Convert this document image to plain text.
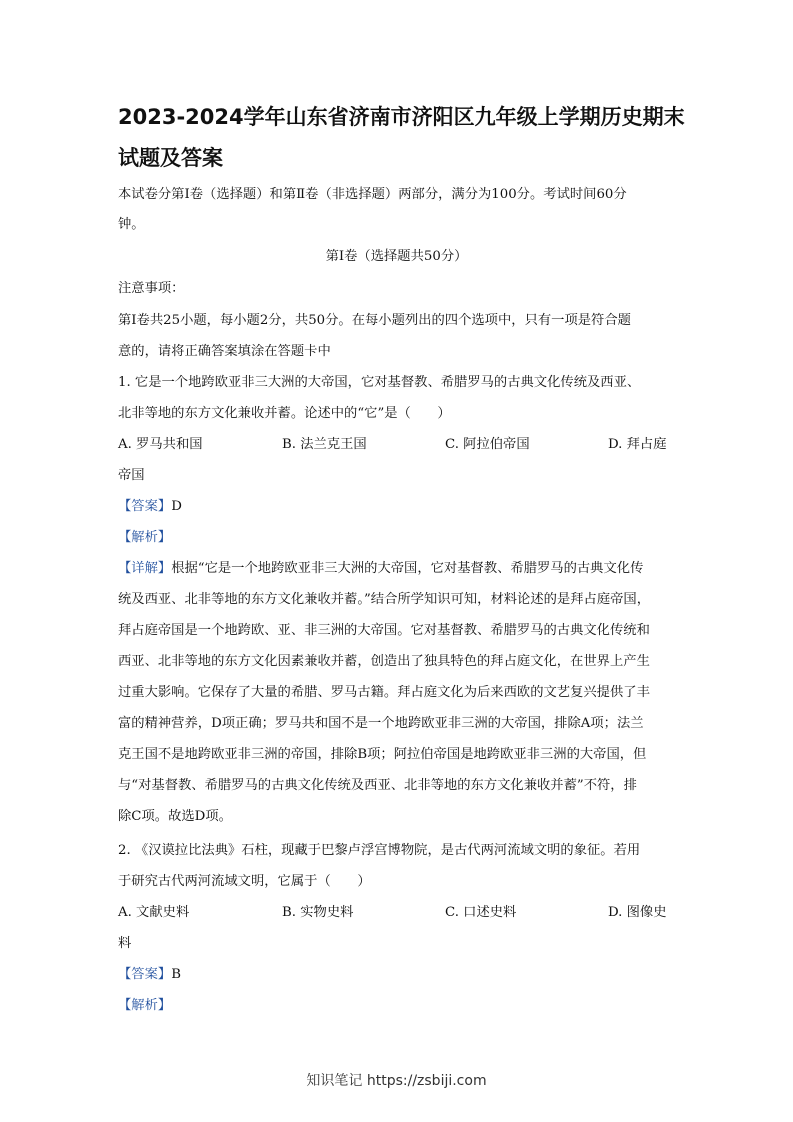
2023-2024学年山东省济南市济阳区九年级上学期历史期末
试题及答案
本试卷分第Ⅰ卷（选择题）和第Ⅱ卷（非选择题）两部分，满分为100分。考试时间60分
钟。
第Ⅰ卷（选择题共50分）
注意事项：
第Ⅰ卷共25小题，每小题2分，共50分。在每小题列出的四个选项中，只有一项是符合题
意的，请将正确答案填涂在答题卡中
1. 它是一个地跨欧亚非三大洲的大帝国，它对基督教、希腊罗马的古典文化传统及西亚、
北非等地的东方文化兼收并蓄。论述中的“它”是（　　）
A. 罗马共和国	B. 法兰克王国	C. 阿拉伯帝国	D. 拜占庭
帝国
【答案】D
【解析】
【详解】根据“它是一个地跨欧亚非三大洲的大帝国，它对基督教、希腊罗马的古典文化传
统及西亚、北非等地的东方文化兼收并蓄。”结合所学知识可知，材料论述的是拜占庭帝国，
拜占庭帝国是一个地跨欧、亚、非三洲的大帝国。它对基督教、希腊罗马的古典文化传统和
西亚、北非等地的东方文化因素兼收并蓄，创造出了独具特色的拜占庭文化，在世界上产生
过重大影响。它保存了大量的希腊、罗马古籍。拜占庭文化为后来西欧的文艺复兴提供了丰
富的精神营养，D项正确；罗马共和国不是一个地跨欧亚非三洲的大帝国，排除A项；法兰
克王国不是地跨欧亚非三洲的帝国，排除B项；阿拉伯帝国是地跨欧亚非三洲的大帝国，但
与“对基督教、希腊罗马的古典文化传统及西亚、北非等地的东方文化兼收并蓄”不符，排
除C项。故选D项。
2. 《汉谟拉比法典》石柱，现藏于巴黎卢浮宫博物院，是古代两河流域文明的象征。若用
于研究古代两河流域文明，它属于（　　）
A. 文献史料	B. 实物史料	C. 口述史料	D. 图像史
料
【答案】B
【解析】
知识笔记 https://zsbiji.com
